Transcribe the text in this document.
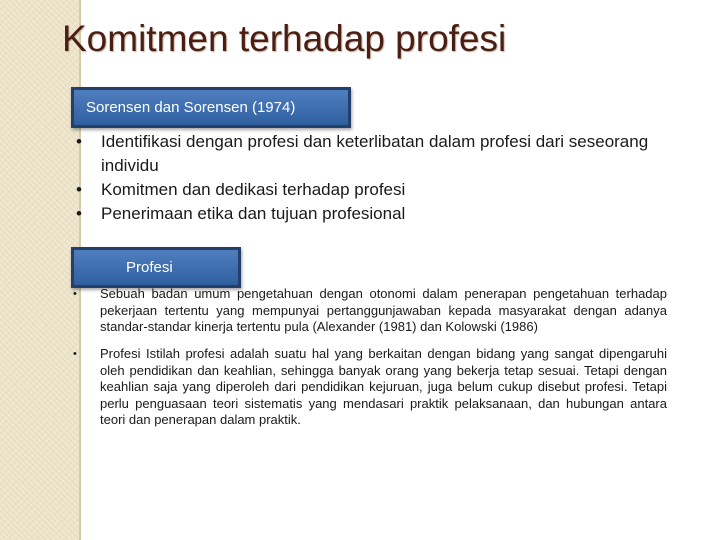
Komitmen terhadap profesi
Sorensen dan Sorensen (1974)
• Identifikasi dengan profesi dan keterlibatan dalam profesi dari seseorang individu
• Komitmen dan dedikasi terhadap profesi
• Penerimaan etika dan tujuan profesional
Profesi
• Sebuah badan umum pengetahuan dengan otonomi dalam penerapan pengetahuan terhadap pekerjaan tertentu yang mempunyai pertanggunjawaban kepada masyarakat dengan adanya standar-standar kinerja tertentu pula (Alexander (1981) dan Kolowski (1986)
• Profesi Istilah profesi adalah suatu hal yang berkaitan dengan bidang yang sangat dipengaruhi oleh pendidikan dan keahlian, sehingga banyak orang yang bekerja tetap sesuai. Tetapi dengan keahlian saja yang diperoleh dari pendidikan kejuruan, juga belum cukup disebut profesi. Tetapi perlu penguasaan teori sistematis yang mendasari praktik pelaksanaan, dan hubungan antara teori dan penerapan dalam praktik.
